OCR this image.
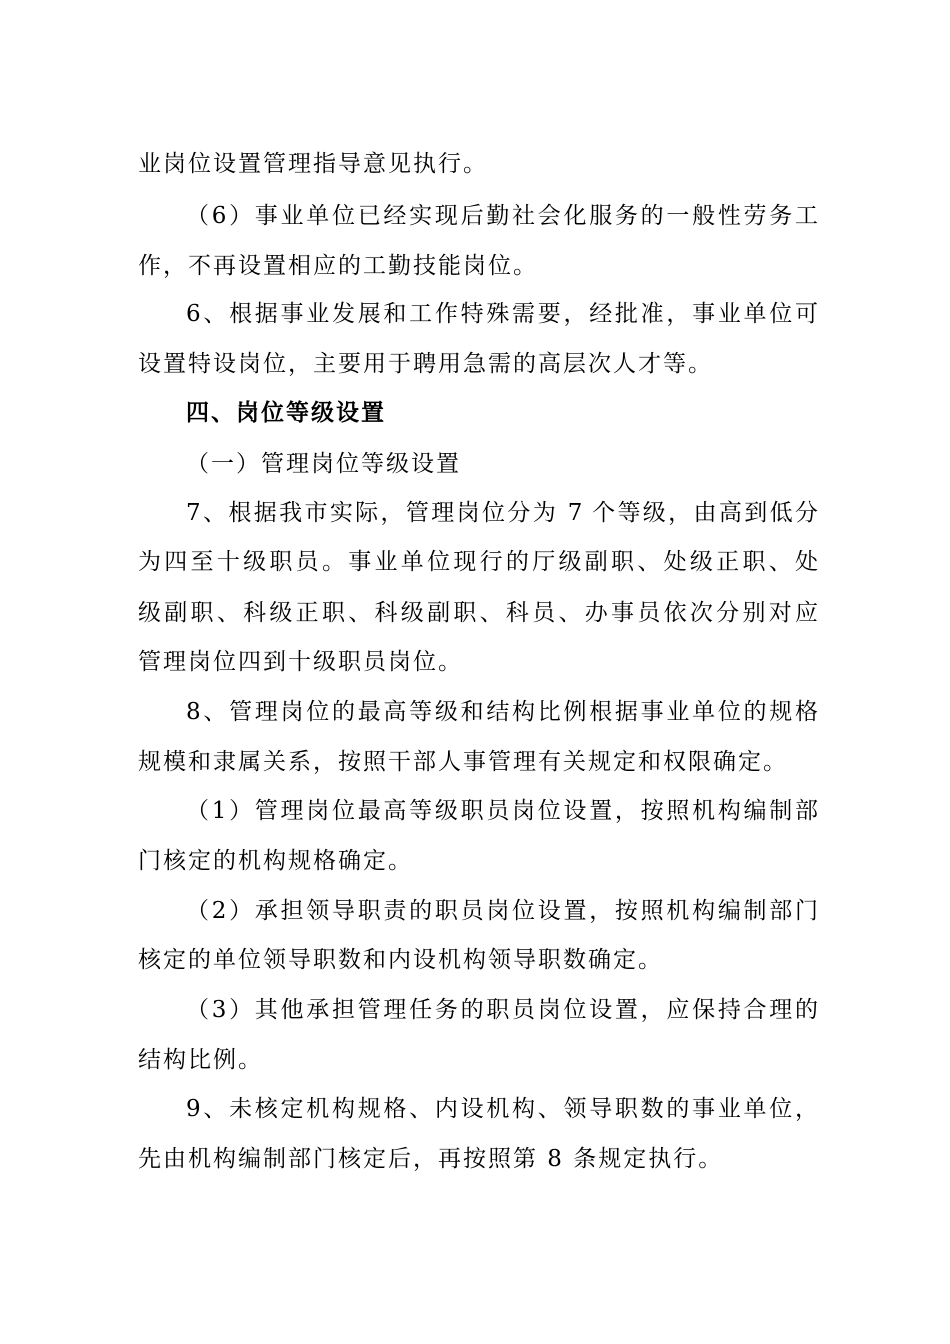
业岗位设置管理指导意见执行。
（6）事业单位已经实现后勤社会化服务的一般性劳务工
作，不再设置相应的工勤技能岗位。
6、根据事业发展和工作特殊需要，经批准，事业单位可
设置特设岗位，主要用于聘用急需的高层次人才等。
四、岗位等级设置
（一）管理岗位等级设置
7、根据我市实际，管理岗位分为 7 个等级，由高到低分
为四至十级职员。事业单位现行的厅级副职、处级正职、处
级副职、科级正职、科级副职、科员、办事员依次分别对应
管理岗位四到十级职员岗位。
8、管理岗位的最高等级和结构比例根据事业单位的规格
规模和隶属关系，按照干部人事管理有关规定和权限确定。
（1）管理岗位最高等级职员岗位设置，按照机构编制部
门核定的机构规格确定。
（2）承担领导职责的职员岗位设置，按照机构编制部门
核定的单位领导职数和内设机构领导职数确定。
（3）其他承担管理任务的职员岗位设置，应保持合理的
结构比例。
9、未核定机构规格、内设机构、领导职数的事业单位，
先由机构编制部门核定后，再按照第 8 条规定执行。
